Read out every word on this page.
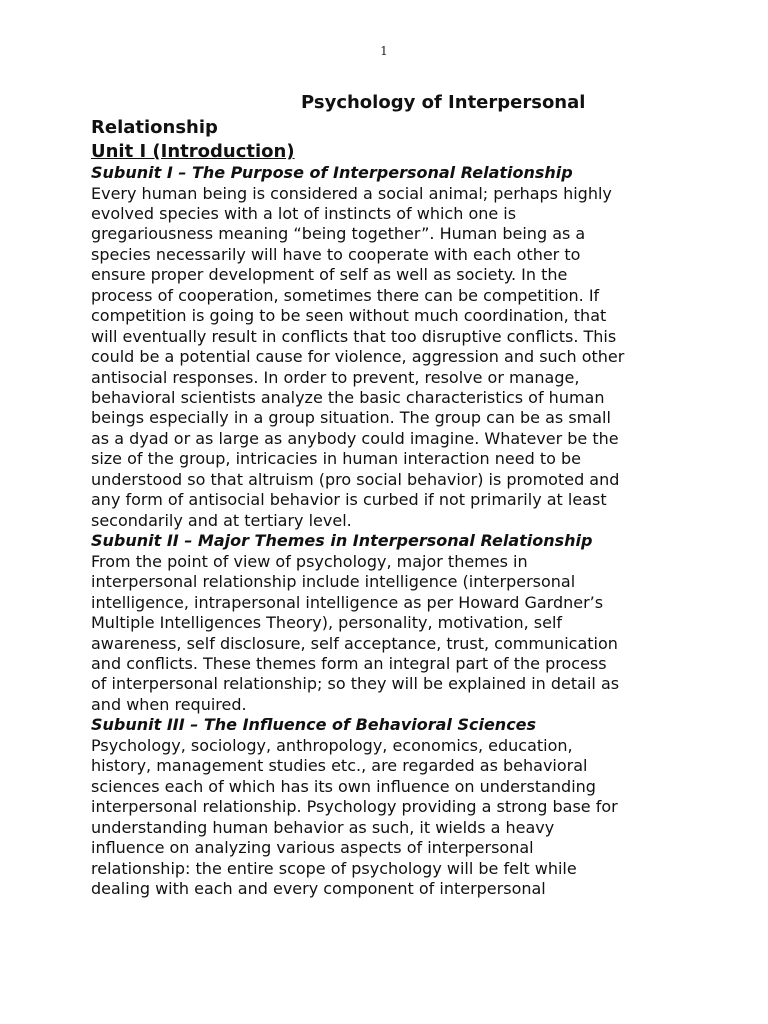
1
Psychology of Interpersonal
Relationship
Unit I (Introduction)
Subunit I – The Purpose of Interpersonal Relationship
Every human being is considered a social animal; perhaps highly
evolved species with a lot of instincts of which one is
gregariousness meaning “being together”. Human being as a
species necessarily will have to cooperate with each other to
ensure proper development of self as well as society. In the
process of cooperation, sometimes there can be competition. If
competition is going to be seen without much coordination, that
will eventually result in conflicts that too disruptive conflicts. This
could be a potential cause for violence, aggression and such other
antisocial responses. In order to prevent, resolve or manage,
behavioral scientists analyze the basic characteristics of human
beings especially in a group situation. The group can be as small
as a dyad or as large as anybody could imagine. Whatever be the
size of the group, intricacies in human interaction need to be
understood so that altruism (pro social behavior) is promoted and
any form of antisocial behavior is curbed if not primarily at least
secondarily and at tertiary level.
Subunit II – Major Themes in Interpersonal Relationship
From the point of view of psychology, major themes in
interpersonal relationship include intelligence (interpersonal
intelligence, intrapersonal intelligence as per Howard Gardner’s
Multiple Intelligences Theory), personality, motivation, self
awareness, self disclosure, self acceptance, trust, communication
and conflicts. These themes form an integral part of the process
of interpersonal relationship; so they will be explained in detail as
and when required.
Subunit III – The Influence of Behavioral Sciences
Psychology, sociology, anthropology, economics, education,
history, management studies etc., are regarded as behavioral
sciences each of which has its own influence on understanding
interpersonal relationship. Psychology providing a strong base for
understanding human behavior as such, it wields a heavy
influence on analyzing various aspects of interpersonal
relationship: the entire scope of psychology will be felt while
dealing with each and every component of interpersonal
